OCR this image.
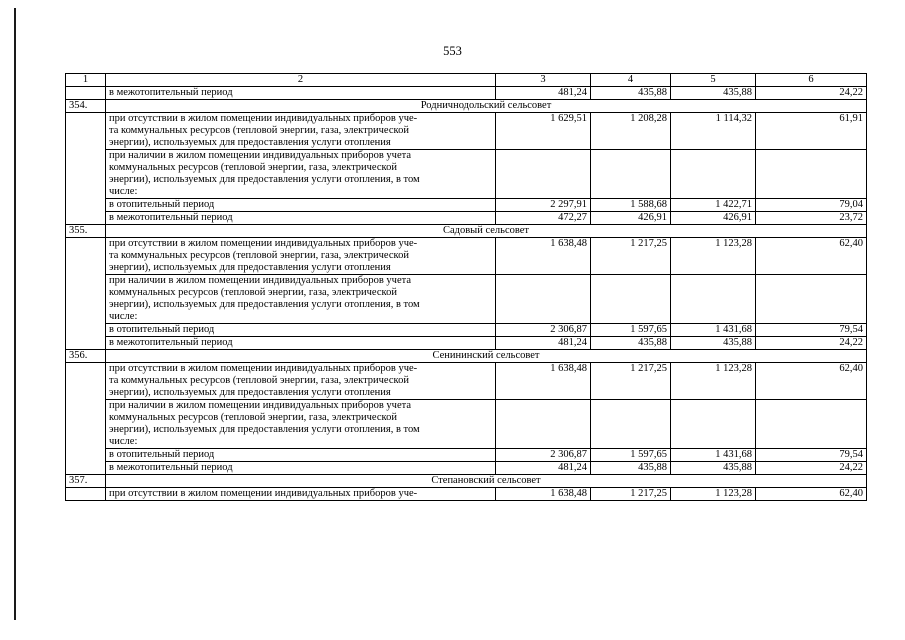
553
1	2	3	4	5	6
	в межотопительный период	481,24	435,88	435,88	24,22
354.	Родничнодольский сельсовет				
	при отсутствии в жилом помещении индивидуальных приборов уче-
та коммунальных ресурсов (тепловой энергии, газа, электрической
энергии), используемых для предоставления услуги отопления	1 629,51	1 208,28	1 114,32	61,91
	при наличии в жилом помещении индивидуальных приборов учета
коммунальных ресурсов (тепловой энергии, газа, электрической
энергии), используемых для предоставления услуги отопления, в том
числе:				
	в отопительный период	2 297,91	1 588,68	1 422,71	79,04
	в межотопительный период	472,27	426,91	426,91	23,72
355.	Садовый сельсовет				
	при отсутствии в жилом помещении индивидуальных приборов уче-
та коммунальных ресурсов (тепловой энергии, газа, электрической
энергии), используемых для предоставления услуги отопления	1 638,48	1 217,25	1 123,28	62,40
	при наличии в жилом помещении индивидуальных приборов учета
коммунальных ресурсов (тепловой энергии, газа, электрической
энергии), используемых для предоставления услуги отопления, в том
числе:				
	в отопительный период	2 306,87	1 597,65	1 431,68	79,54
	в межотопительный период	481,24	435,88	435,88	24,22
356.	Сенининский сельсовет				
	при отсутствии в жилом помещении индивидуальных приборов уче-
та коммунальных ресурсов (тепловой энергии, газа, электрической
энергии), используемых для предоставления услуги отопления	1 638,48	1 217,25	1 123,28	62,40
	при наличии в жилом помещении индивидуальных приборов учета
коммунальных ресурсов (тепловой энергии, газа, электрической
энергии), используемых для предоставления услуги отопления, в том
числе:				
	в отопительный период	2 306,87	1 597,65	1 431,68	79,54
	в межотопительный период	481,24	435,88	435,88	24,22
357.	Степановский сельсовет				
	при отсутствии в жилом помещении индивидуальных приборов уче-	1 638,48	1 217,25	1 123,28	62,40
